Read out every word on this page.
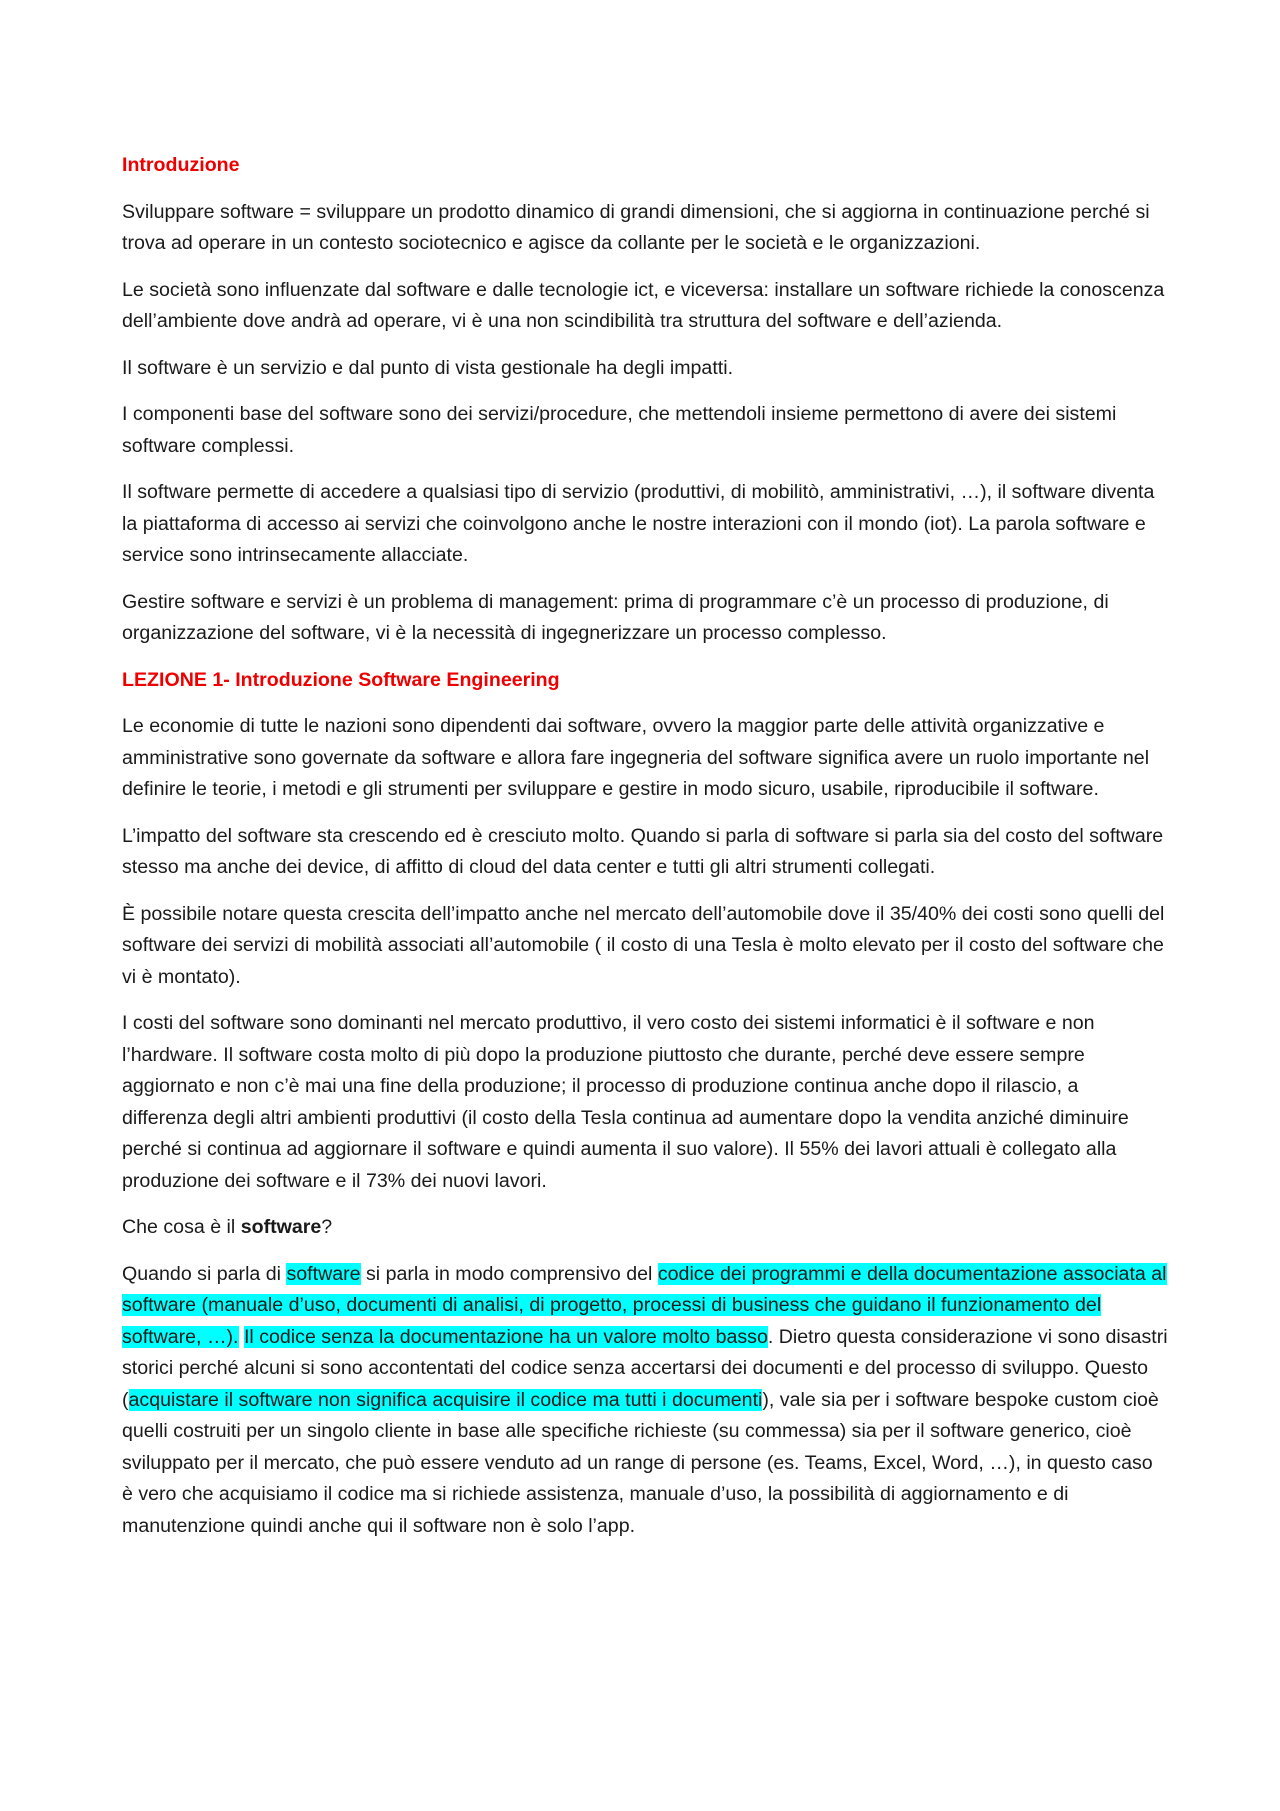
Introduzione

Sviluppare software = sviluppare un prodotto dinamico di grandi dimensioni, che si aggiorna in continuazione perché si trova ad operare in un contesto sociotecnico e agisce da collante per le società e le organizzazioni.

Le società sono influenzate dal software e dalle tecnologie ict, e viceversa: installare un software richiede la conoscenza dell’ambiente dove andrà ad operare, vi è una non scindibilità tra struttura del software e dell’azienda.

Il software è un servizio e dal punto di vista gestionale ha degli impatti.

I componenti base del software sono dei servizi/procedure, che mettendoli insieme permettono di avere dei sistemi software complessi.

Il software permette di accedere a qualsiasi tipo di servizio (produttivi, di mobilitò, amministrativi, …), il software diventa la piattaforma di accesso ai servizi che coinvolgono anche le nostre interazioni con il mondo (iot). La parola software e service sono intrinsecamente allacciate.

Gestire software e servizi è un problema di management: prima di programmare c’è un processo di produzione, di organizzazione del software, vi è la necessità di ingegnerizzare un processo complesso.

LEZIONE 1- Introduzione Software Engineering

Le economie di tutte le nazioni sono dipendenti dai software, ovvero la maggior parte delle attività organizzative e amministrative sono governate da software e allora fare ingegneria del software significa avere un ruolo importante nel definire le teorie, i metodi e gli strumenti per sviluppare e gestire in modo sicuro, usabile, riproducibile il software.

L’impatto del software sta crescendo ed è cresciuto molto. Quando si parla di software si parla sia del costo del software stesso ma anche dei device, di affitto di cloud del data center e tutti gli altri strumenti collegati.

È possibile notare questa crescita dell’impatto anche nel mercato dell’automobile dove il 35/40% dei costi sono quelli del software dei servizi di mobilità associati all’automobile ( il costo di una Tesla è molto elevato per il costo del software che vi è montato).

I costi del software sono dominanti nel mercato produttivo, il vero costo dei sistemi informatici è il software e non l’hardware. Il software costa molto di più dopo la produzione piuttosto che durante, perché deve essere sempre aggiornato e non c’è mai una fine della produzione; il processo di produzione continua anche dopo il rilascio, a differenza degli altri ambienti produttivi (il costo della Tesla continua ad aumentare dopo la vendita anziché diminuire perché si continua ad aggiornare il software e quindi aumenta il suo valore). Il 55% dei lavori attuali è collegato alla produzione dei software e il 73% dei nuovi lavori.

Che cosa è il software?

Quando si parla di software si parla in modo comprensivo del codice dei programmi e della documentazione associata al software (manuale d’uso, documenti di analisi, di progetto, processi di business che guidano il funzionamento del software, …). Il codice senza la documentazione ha un valore molto basso. Dietro questa considerazione vi sono disastri storici perché alcuni si sono accontentati del codice senza accertarsi dei documenti e del processo di sviluppo. Questo (acquistare il software non significa acquisire il codice ma tutti i documenti), vale sia per i software bespoke custom cioè quelli costruiti per un singolo cliente in base alle specifiche richieste (su commessa) sia per il software generico, cioè sviluppato per il mercato, che può essere venduto ad un range di persone (es. Teams, Excel, Word, …), in questo caso è vero che acquisiamo il codice ma si richiede assistenza, manuale d’uso, la possibilità di aggiornamento e di manutenzione quindi anche qui il software non è solo l’app.
